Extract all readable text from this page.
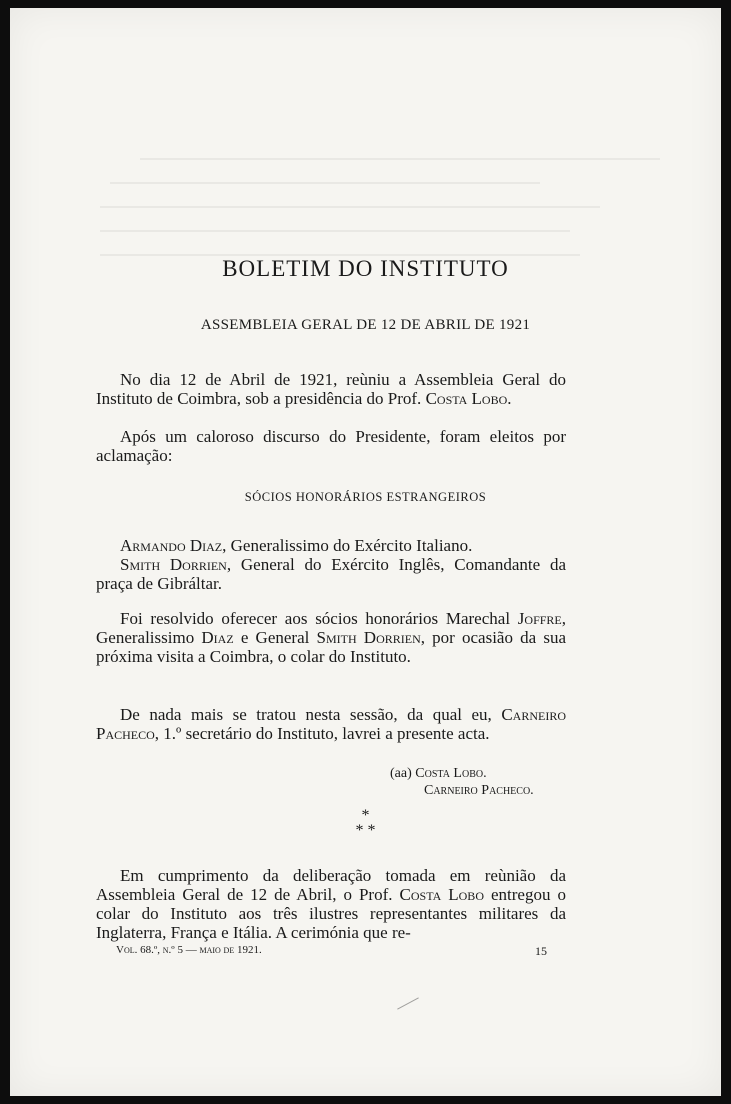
BOLETIM DO INSTITUTO
ASSEMBLEIA GERAL DE 12 DE ABRIL DE 1921
No dia 12 de Abril de 1921, reùniu a Assembleia Geral do Instituto de Coimbra, sob a presidência do Prof. Costa Lobo.
Após um caloroso discurso do Presidente, foram eleitos por aclamação:
SÓCIOS HONORÁRIOS ESTRANGEIROS
Armando Diaz, Generalissimo do Exército Italiano.
Smith Dorrien, General do Exército Inglês, Comandante da praça de Gibráltar.
Foi resolvido oferecer aos sócios honorários Marechal Joffre, Generalissimo Diaz e General Smith Dorrien, por ocasião da sua próxima visita a Coimbra, o colar do Instituto.
De nada mais se tratou nesta sessão, da qual eu, Carneiro Pacheco, 1.º secretário do Instituto, lavrei a presente acta.
(aa) Costa Lobo.
Carneiro Pacheco.
*
* *
Em cumprimento da deliberação tomada em reùnião da Assembleia Geral de 12 de Abril, o Prof. Costa Lobo entregou o colar do Instituto aos três ilustres representantes militares da Inglaterra, França e Itália. A cerimónia que re-
Vol. 68.º, n.º 5 — maio de 1921.	15
